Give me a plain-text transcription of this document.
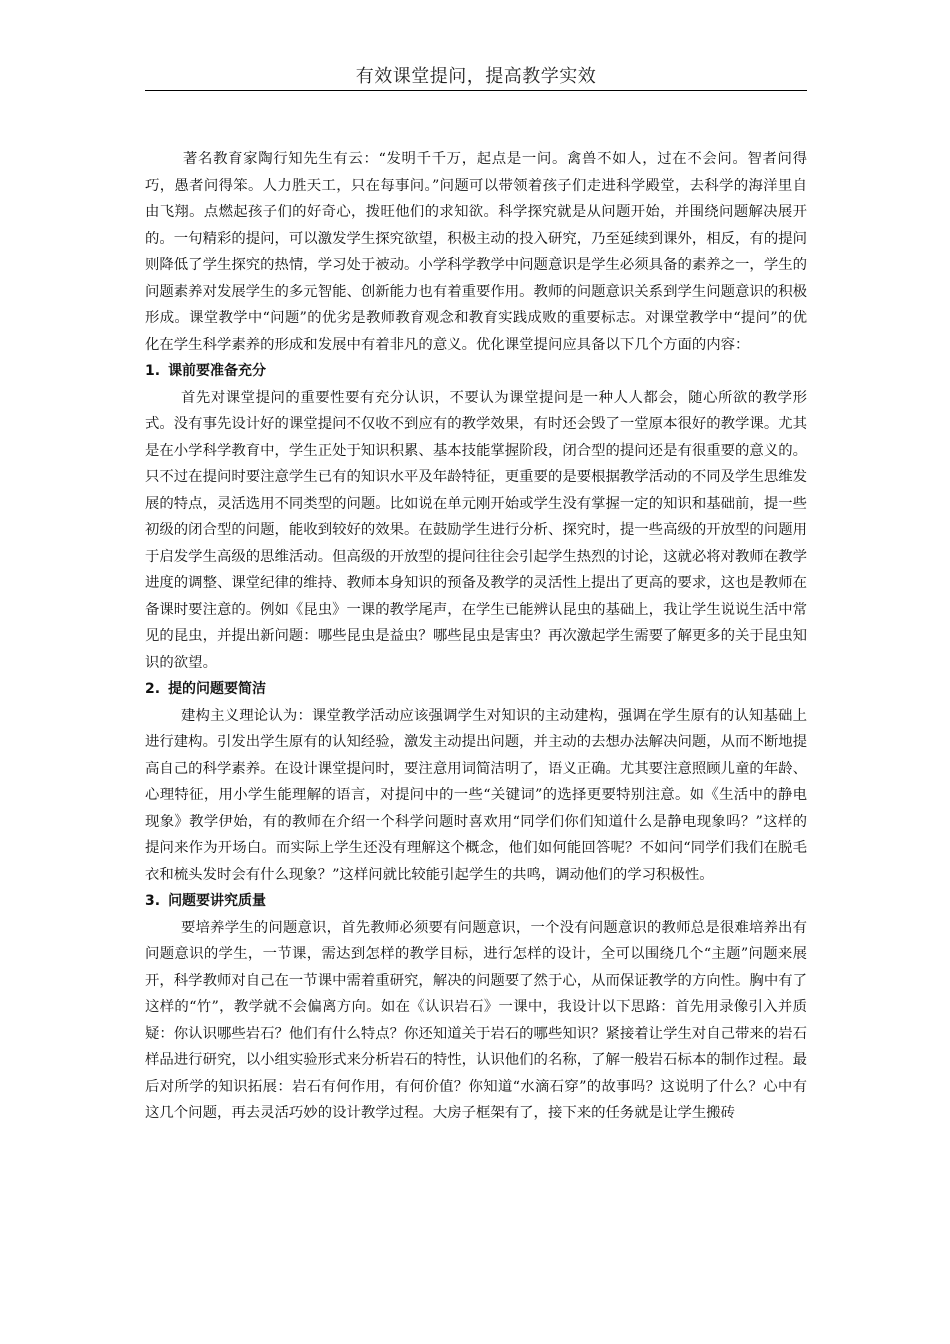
有效课堂提问，提高教学实效

著名教育家陶行知先生有云：“发明千千万，起点是一问。禽兽不如人，过在不会问。智者问得巧，愚者问得笨。人力胜天工，只在每事问。”问题可以带领着孩子们走进科学殿堂，去科学的海洋里自由飞翔。点燃起孩子们的好奇心，拨旺他们的求知欲。科学探究就是从问题开始，并围绕问题解决展开的。一句精彩的提问，可以激发学生探究欲望，积极主动的投入研究，乃至延续到课外，相反，有的提问则降低了学生探究的热情，学习处于被动。小学科学教学中问题意识是学生必须具备的素养之一，学生的问题素养对发展学生的多元智能、创新能力也有着重要作用。教师的问题意识关系到学生问题意识的积极形成。课堂教学中“问题”的优劣是教师教育观念和教育实践成败的重要标志。对课堂教学中“提问”的优化在学生科学素养的形成和发展中有着非凡的意义。优化课堂提问应具备以下几个方面的内容：

1. 课前要准备充分

首先对课堂提问的重要性要有充分认识，不要认为课堂提问是一种人人都会，随心所欲的教学形式。没有事先设计好的课堂提问不仅收不到应有的教学效果，有时还会毁了一堂原本很好的教学课。尤其是在小学科学教育中，学生正处于知识积累、基本技能掌握阶段，闭合型的提问还是有很重要的意义的。只不过在提问时要注意学生已有的知识水平及年龄特征，更重要的是要根据教学活动的不同及学生思维发展的特点，灵活选用不同类型的问题。比如说在单元刚开始或学生没有掌握一定的知识和基础前，提一些初级的闭合型的问题，能收到较好的效果。在鼓励学生进行分析、探究时，提一些高级的开放型的问题用于启发学生高级的思维活动。但高级的开放型的提问往往会引起学生热烈的讨论，这就必将对教师在教学进度的调整、课堂纪律的维持、教师本身知识的预备及教学的灵活性上提出了更高的要求，这也是教师在备课时要注意的。例如《昆虫》一课的教学尾声，在学生已能辨认昆虫的基础上，我让学生说说生活中常见的昆虫，并提出新问题：哪些昆虫是益虫？哪些昆虫是害虫？再次激起学生需要了解更多的关于昆虫知识的欲望。

2. 提的问题要简洁

建构主义理论认为：课堂教学活动应该强调学生对知识的主动建构，强调在学生原有的认知基础上进行建构。引发出学生原有的认知经验，激发主动提出问题，并主动的去想办法解决问题，从而不断地提高自己的科学素养。在设计课堂提问时，要注意用词简洁明了，语义正确。尤其要注意照顾儿童的年龄、心理特征，用小学生能理解的语言，对提问中的一些“关键词”的选择更要特别注意。如《生活中的静电现象》教学伊始，有的教师在介绍一个科学问题时喜欢用“同学们你们知道什么是静电现象吗？”这样的提问来作为开场白。而实际上学生还没有理解这个概念，他们如何能回答呢？不如问“同学们我们在脱毛衣和梳头发时会有什么现象？”这样问就比较能引起学生的共鸣，调动他们的学习积极性。

3. 问题要讲究质量

要培养学生的问题意识，首先教师必须要有问题意识，一个没有问题意识的教师总是很难培养出有问题意识的学生，一节课，需达到怎样的教学目标，进行怎样的设计，全可以围绕几个“主题”问题来展开，科学教师对自己在一节课中需着重研究，解决的问题要了然于心，从而保证教学的方向性。胸中有了这样的“竹”，教学就不会偏离方向。如在《认识岩石》一课中，我设计以下思路：首先用录像引入并质疑：你认识哪些岩石？他们有什么特点？你还知道关于岩石的哪些知识？紧接着让学生对自己带来的岩石样品进行研究，以小组实验形式来分析岩石的特性，认识他们的名称，了解一般岩石标本的制作过程。最后对所学的知识拓展：岩石有何作用，有何价值？你知道“水滴石穿”的故事吗？这说明了什么？心中有这几个问题，再去灵活巧妙的设计教学过程。大房子框架有了，接下来的任务就是让学生搬砖
